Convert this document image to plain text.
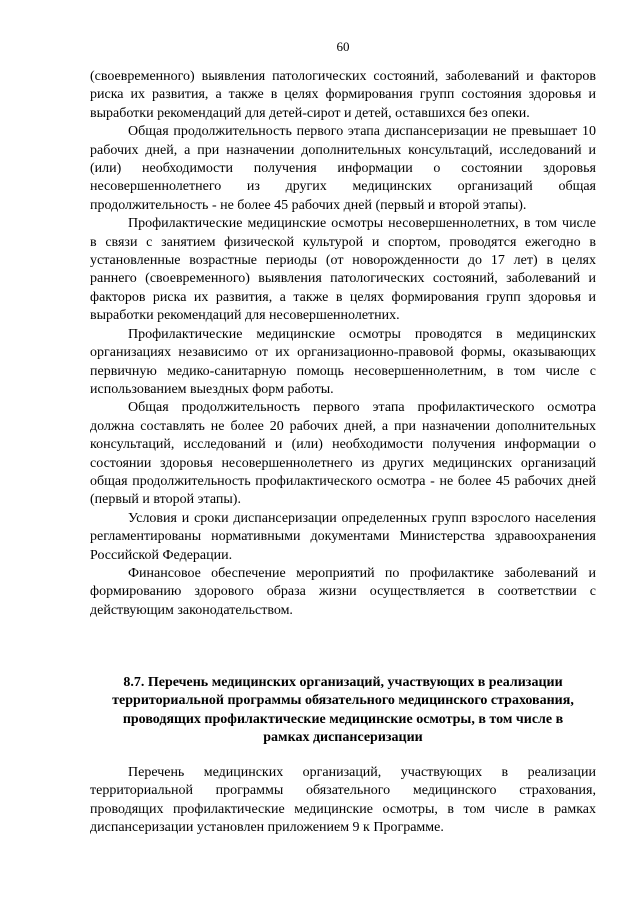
60

(своевременного) выявления патологических состояний, заболеваний и факторов риска их развития, а также в целях формирования групп состояния здоровья и выработки рекомендаций для детей-сирот и детей, оставшихся без опеки.

Общая продолжительность первого этапа диспансеризации не превышает 10 рабочих дней, а при назначении дополнительных консультаций, исследований и (или) необходимости получения информации о состоянии здоровья несовершеннолетнего из других медицинских организаций общая продолжительность - не более 45 рабочих дней (первый и второй этапы).

Профилактические медицинские осмотры несовершеннолетних, в том числе в связи с занятием физической культурой и спортом, проводятся ежегодно в установленные возрастные периоды (от новорожденности до 17 лет) в целях раннего (своевременного) выявления патологических состояний, заболеваний и факторов риска их развития, а также в целях формирования групп здоровья и выработки рекомендаций для несовершеннолетних.

Профилактические медицинские осмотры проводятся в медицинских организациях независимо от их организационно-правовой формы, оказывающих первичную медико-санитарную помощь несовершеннолетним, в том числе с использованием выездных форм работы.

Общая продолжительность первого этапа профилактического осмотра должна составлять не более 20 рабочих дней, а при назначении дополнительных консультаций, исследований и (или) необходимости получения информации о состоянии здоровья несовершеннолетнего из других медицинских организаций общая продолжительность профилактического осмотра - не более 45 рабочих дней (первый и второй этапы).

Условия и сроки диспансеризации определенных групп взрослого населения регламентированы нормативными документами Министерства здравоохранения Российской Федерации.

Финансовое обеспечение мероприятий по профилактике заболеваний и формированию здорового образа жизни осуществляется в соответствии с действующим законодательством.

8.7. Перечень медицинских организаций, участвующих в реализации территориальной программы обязательного медицинского страхования, проводящих профилактические медицинские осмотры, в том числе в рамках диспансеризации

Перечень медицинских организаций, участвующих в реализации территориальной программы обязательного медицинского страхования, проводящих профилактические медицинские осмотры, в том числе в рамках диспансеризации установлен приложением 9 к Программе.
